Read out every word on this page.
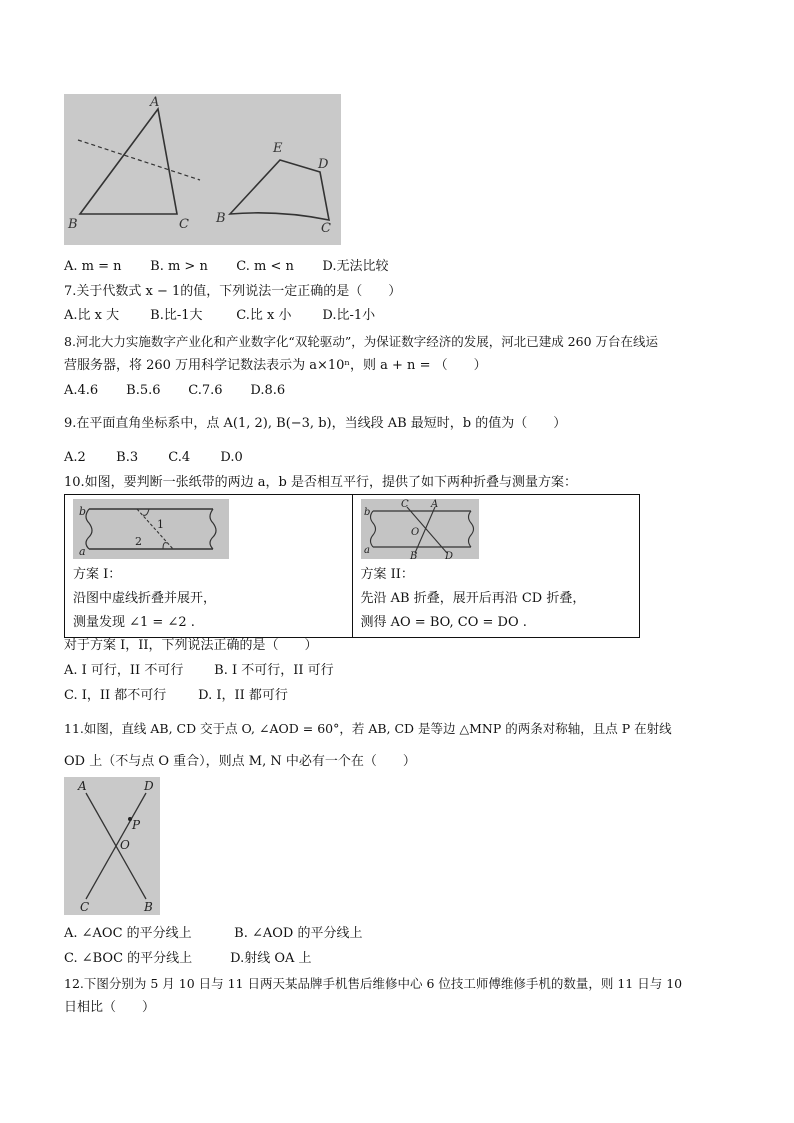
A
B	C
E
D
B
C
A. m = n B. m > n C. m < n D.无法比较
7.关于代数式 x − 1的值，下列说法一定正确的是（　　）
A.比 x 大 B.比-1大	C.比 x 小 D.比-1小
8.河北大力实施数字产业化和产业数字化“双轮驱动”，为保证数字经济的发展，河北已建成 260 万台在线运
营服务器，将 260 万用科学记数法表示为 a×10ⁿ，则 a + n = （　　）
A.4.6 B.5.6 C.7.6 D.8.6
9.在平面直角坐标系中，点 A(1, 2), B(−3, b)，当线段 AB 最短时，b 的值为（　　）
A.2 B.3 C.4 D.0
10.如图，要判断一张纸带的两边 a，b 是否相互平行，提供了如下两种折叠与测量方案：
b
a
1
2
方案 I：
沿图中虚线折叠并展开，
测量发现 ∠1 = ∠2 .

b
a
C A
O
B	D
方案 II：
先沿 AB 折叠，展开后再沿 CD 折叠，
测得 AO = BO, CO = DO .
对于方案 I，II，下列说法正确的是（　　）
A. I 可行，II 不可行 B. I 不可行，II 可行
C. I，II 都不可行 D. I，II 都可行
11.如图，直线 AB, CD 交于点 O, ∠AOD = 60°，若 AB, CD 是等边 △MNP 的两条对称轴，且点 P 在射线
OD 上（不与点 O 重合），则点 M, N 中必有一个在（　　）
A	D
P
O
C	B
A. ∠AOC 的平分线上	B. ∠AOD 的平分线上
C. ∠BOC 的平分线上	D.射线 OA 上
12.下图分别为 5 月 10 日与 11 日两天某品牌手机售后维修中心 6 位技工师傅维修手机的数量，则 11 日与 10
日相比（　　）
